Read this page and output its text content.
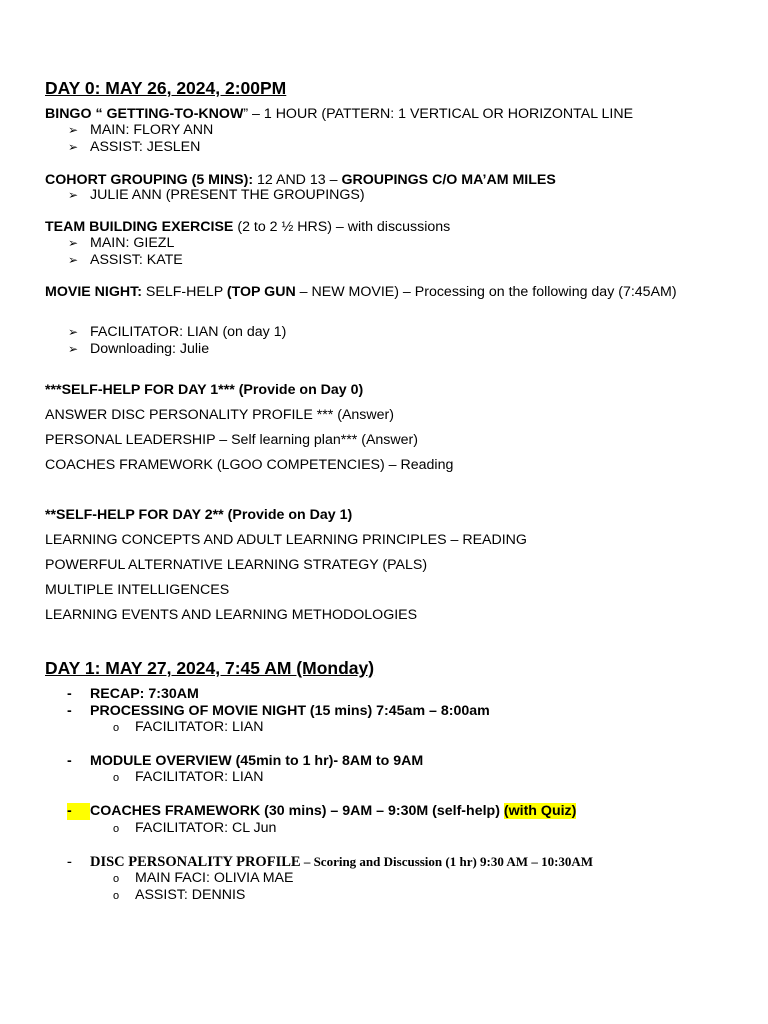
DAY 0: MAY 26, 2024, 2:00PM
BINGO “ GETTING-TO-KNOW” – 1 HOUR (PATTERN: 1 VERTICAL OR HORIZONTAL LINE
➢ MAIN: FLORY ANN
➢ ASSIST: JESLEN
COHORT GROUPING (5 MINS): 12 AND 13 – GROUPINGS C/O MA’AM MILES
➢ JULIE ANN (PRESENT THE GROUPINGS)
TEAM BUILDING EXERCISE (2 to 2 ½ HRS) – with discussions
➢ MAIN: GIEZL
➢ ASSIST: KATE
MOVIE NIGHT: SELF-HELP (TOP GUN – NEW MOVIE) – Processing on the following day (7:45AM)
➢ FACILITATOR: LIAN (on day 1)
➢ Downloading: Julie
***SELF-HELP FOR DAY 1*** (Provide on Day 0)
ANSWER DISC PERSONALITY PROFILE *** (Answer)
PERSONAL LEADERSHIP – Self learning plan*** (Answer)
COACHES FRAMEWORK (LGOO COMPETENCIES) – Reading
**SELF-HELP FOR DAY 2** (Provide on Day 1)
LEARNING CONCEPTS AND ADULT LEARNING PRINCIPLES – READING
POWERFUL ALTERNATIVE LEARNING STRATEGY (PALS)
MULTIPLE INTELLIGENCES
LEARNING EVENTS AND LEARNING METHODOLOGIES
DAY 1: MAY 27, 2024, 7:45 AM (Monday)
- RECAP: 7:30AM
- PROCESSING OF MOVIE NIGHT (15 mins) 7:45am – 8:00am
o FACILITATOR: LIAN
- MODULE OVERVIEW (45min to 1 hr)- 8AM to 9AM
o FACILITATOR: LIAN
- COACHES FRAMEWORK (30 mins) – 9AM – 9:30M (self-help) (with Quiz)
o FACILITATOR: CL Jun
- DISC PERSONALITY PROFILE – Scoring and Discussion (1 hr) 9:30 AM – 10:30AM
o MAIN FACI: OLIVIA MAE
o ASSIST: DENNIS
